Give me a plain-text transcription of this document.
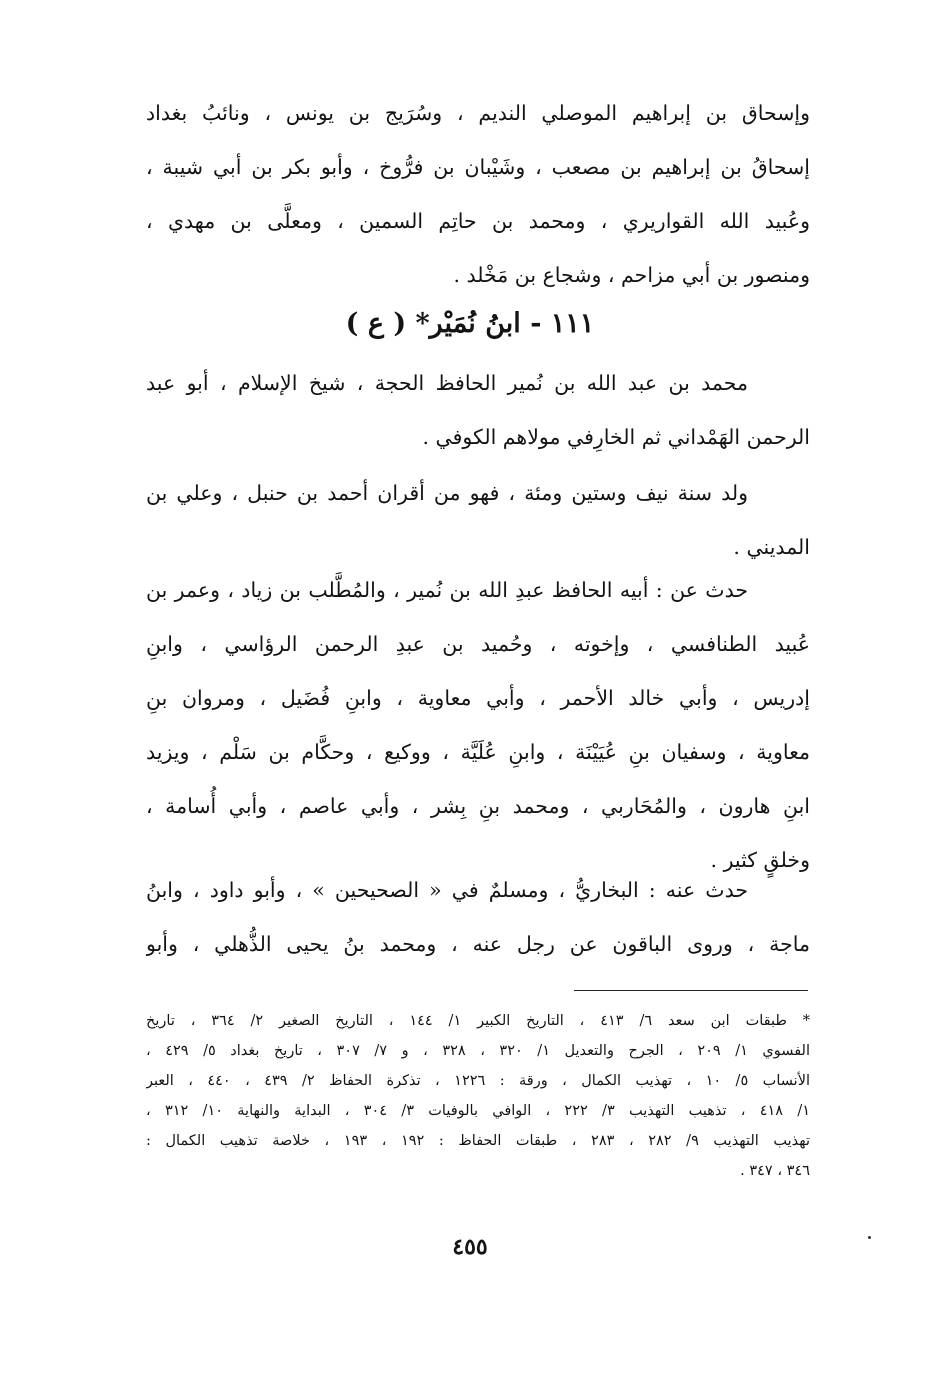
وإسحاق بن إبراهيم الموصلي النديم ، وسُرَيج بن يونس ، ونائبُ بغداد
إسحاقُ بن إبراهيم بن مصعب ، وشَيْبان بن فرُّوخ ، وأبو بكر بن أبي شيبة ،
وعُبيد الله القواريري ، ومحمد بن حاتِم السمين ، ومعلَّى بن مهدي ،
ومنصور بن أبي مزاحم ، وشجاع بن مَخْلد .
١١١ - ابنُ نُمَيْر* ( ع )
محمد بن عبد الله بن نُمير الحافظ الحجة ، شيخ الإسلام ، أبو عبد
الرحمن الهَمْداني ثم الخارِفي مولاهم الكوفي .
ولد سنة نيف وستين ومئة ، فهو من أقران أحمد بن حنبل ، وعلي بن
المديني .
حدث عن : أبيه الحافظ عبدِ الله بن نُمير ، والمُطَّلب بن زياد ، وعمر بن
عُبيد الطنافسي ، وإخوته ، وحُميد بن عبدِ الرحمن الرؤاسي ، وابنِ
إدريس ، وأبي خالد الأحمر ، وأبي معاوية ، وابنِ فُضَيل ، ومروان بنِ
معاوية ، وسفيان بنِ عُيَيْنَة ، وابنِ عُلَيَّة ، ووكيع ، وحكَّام بن سَلْم ، ويزيد
ابنِ هارون ، والمُحَاربي ، ومحمد بنِ بِشر ، وأبي عاصم ، وأبي أُسامة ،
وخلقٍ كثير .
حدث عنه : البخاريُّ ، ومسلمٌ في « الصحيحين » ، وأبو داود ، وابنُ
ماجة ، وروى الباقون عن رجل عنه ، ومحمد بنُ يحيى الذُّهلي ، وأبو
* طبقات ابن سعد ٦/ ٤١٣ ، التاريخ الكبير ١/ ١٤٤ ، التاريخ الصغير ٢/ ٣٦٤ ، تاريخ
الفسوي ١/ ٢٠٩ ، الجرح والتعديل ١/ ٣٢٠ ، ٣٢٨ ، و ٧/ ٣٠٧ ، تاريخ بغداد ٥/ ٤٢٩ ،
الأنساب ٥/ ١٠ ، تهذيب الكمال ، ورقة : ١٢٢٦ ، تذكرة الحفاظ ٢/ ٤٣٩ ، ٤٤٠ ، العبر
١/ ٤١٨ ، تذهيب التهذيب ٣/ ٢٢٢ ، الوافي بالوفيات ٣/ ٣٠٤ ، البداية والنهاية ١٠/ ٣١٢ ،
تهذيب التهذيب ٩/ ٢٨٢ ، ٢٨٣ ، طبقات الحفاظ : ١٩٢ ، ١٩٣ ، خلاصة تذهيب الكمال :
٣٤٦ ، ٣٤٧ .
٤٥٥
